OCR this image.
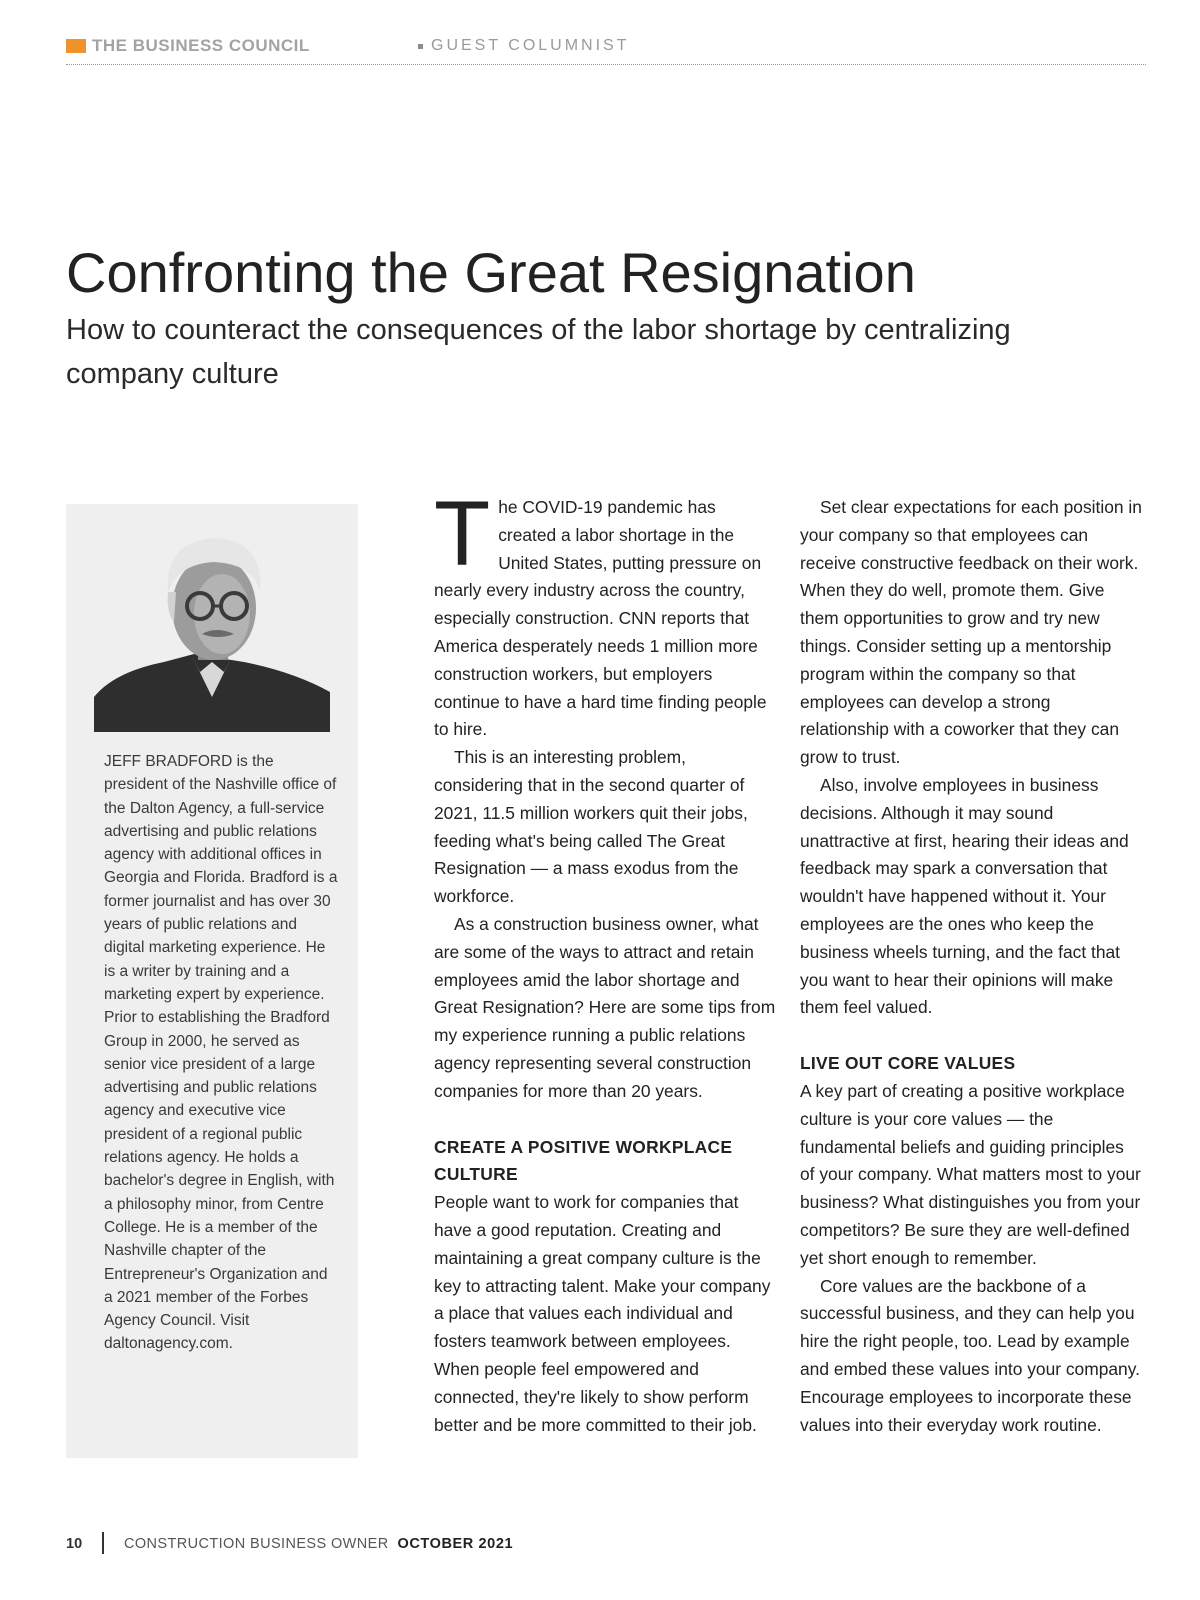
THE BUSINESS COUNCIL	GUEST COLUMNIST
Confronting the Great Resignation
How to counteract the consequences of the labor shortage by centralizing company culture

JEFF BRADFORD is the president of the Nashville office of the Dalton Agency, a full-service advertising and public relations agency with additional offices in Georgia and Florida. Bradford is a former journalist and has over 30 years of public relations and digital marketing experience. He is a writer by training and a marketing expert by experience. Prior to establishing the Bradford Group in 2000, he served as senior vice president of a large advertising and public relations agency and executive vice president of a regional public relations agency. He holds a bachelor's degree in English, with a philosophy minor, from Centre College. He is a member of the Nashville chapter of the Entrepreneur's Organization and a 2021 member of the Forbes Agency Council. Visit daltonagency.com.

The COVID-19 pandemic has created a labor shortage in the United States, putting pressure on nearly every industry across the country, especially construction. CNN reports that America desperately needs 1 million more construction workers, but employers continue to have a hard time finding people to hire.

This is an interesting problem, considering that in the second quarter of 2021, 11.5 million workers quit their jobs, feeding what's being called The Great Resignation — a mass exodus from the workforce.

As a construction business owner, what are some of the ways to attract and retain employees amid the labor shortage and Great Resignation? Here are some tips from my experience running a public relations agency representing several construction companies for more than 20 years.

CREATE A POSITIVE WORKPLACE CULTURE

People want to work for companies that have a good reputation. Creating and maintaining a great company culture is the key to attracting talent. Make your company a place that values each individual and fosters teamwork between employees. When people feel empowered and connected, they're likely to show perform better and be more committed to their job.

Set clear expectations for each position in your company so that employees can receive constructive feedback on their work. When they do well, promote them. Give them opportunities to grow and try new things. Consider setting up a mentorship program within the company so that employees can develop a strong relationship with a coworker that they can grow to trust.

Also, involve employees in business decisions. Although it may sound unattractive at first, hearing their ideas and feedback may spark a conversation that wouldn't have happened without it. Your employees are the ones who keep the business wheels turning, and the fact that you want to hear their opinions will make them feel valued.

LIVE OUT CORE VALUES

A key part of creating a positive workplace culture is your core values — the fundamental beliefs and guiding principles of your company. What matters most to your business? What distinguishes you from your competitors? Be sure they are well-defined yet short enough to remember.

Core values are the backbone of a successful business, and they can help you hire the right people, too. Lead by example and embed these values into your company. Encourage employees to incorporate these values into their everyday work routine.

10	CONSTRUCTION BUSINESS OWNER OCTOBER 2021
